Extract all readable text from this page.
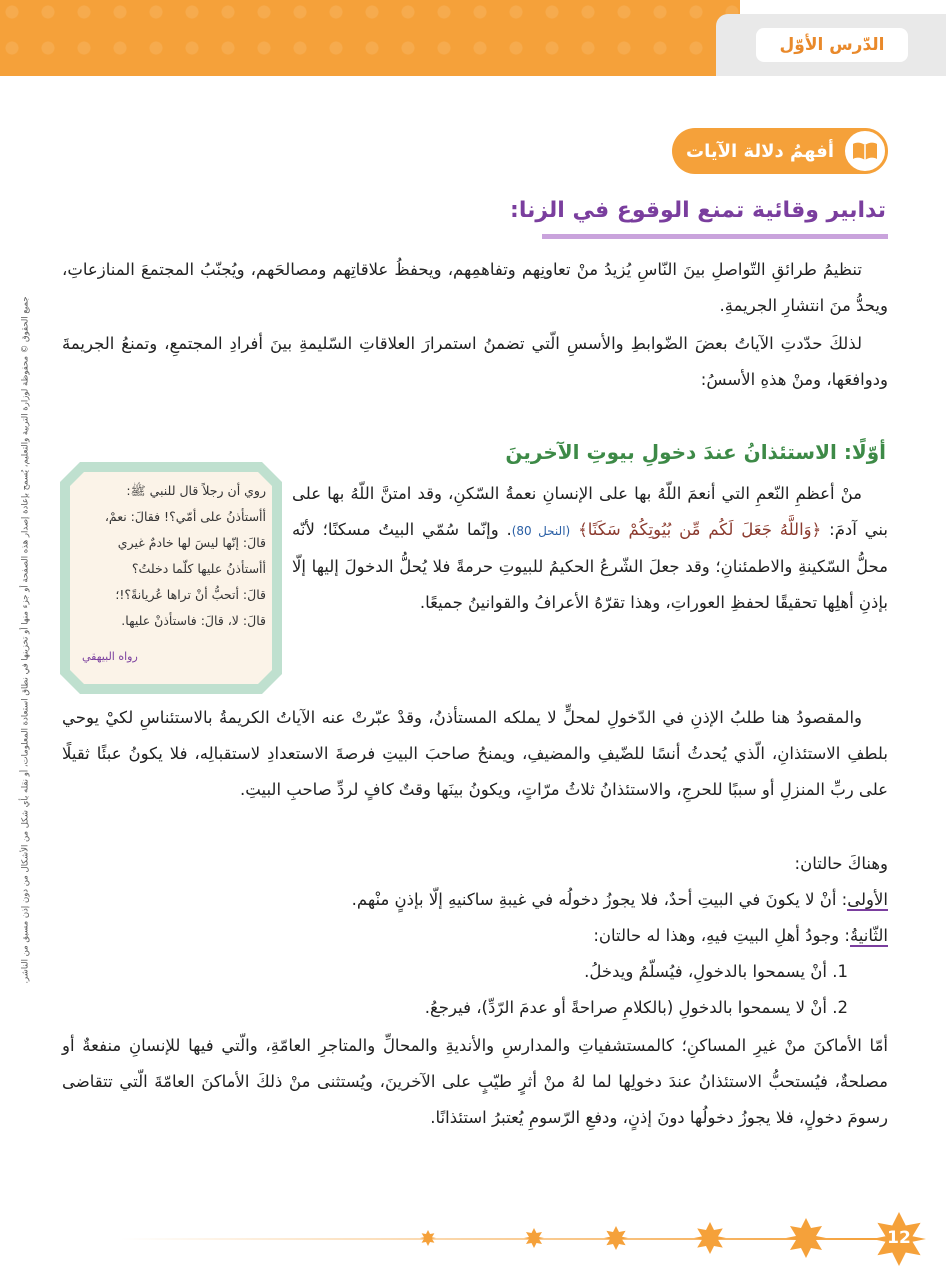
الدّرس الأوّل
جميع الحقوق © محفوظة لوزارة التربية والتعليم، يُسمح بإعادة إصدار هذه الصفحة أو جزء منها أو تخزينها في نطاق استعادة المعلومات، أو نقله بأي شكل من الأشكال من دون إذن مسبق من الناشر.
أفهمُ دلالة الآيات
تدابير وقائية تمنع الوقوع في الزنا:

تنظيمُ طرائقِ التّواصلِ بينَ النّاسِ يُزيدُ منْ تعاونِهم وتفاهمِهم، ويحفظُ علاقاتِهم ومصالحَهم، ويُجنّبُ المجتمعَ المنازعاتِ، ويحدُّ منَ انتشارِ الجريمةِ.

لذلكَ حدّدتِ الآياتُ بعضَ الضّوابطِ والأسسِ الّتي تضمنُ استمرارَ العلاقاتِ السّليمةِ بينَ أفرادِ المجتمعِ، وتمنعُ الجريمةَ ودوافعَها، ومنْ هذهِ الأسسُ:

أوّلًا: الاستئذانُ عندَ دخولِ بيوتِ الآخرينَ
روي أن رجلاً قال للنبي ﷺ:
أأستأذنُ على أمّي؟! فقالَ: نعمْ،
قالَ: إنّها ليسَ لها خادمٌ غيري
أأستأذنُ عليها كلّما دخلتُ؟
قالَ: أتحبُّ أنْ تراها عُريانةً؟!؛
قالَ: لا، قالَ: فاستأذنْ عليها.
رواه البيهقي

منْ أعظمِ النّعمِ التي أنعمَ اللّهُ بها على الإنسانِ نعمةُ السّكنِ، وقد امتنَّ اللّهُ بها على بني آدمَ: ﴿وَاللَّهُ جَعَلَ لَكُم مِّن بُيُوتِكُمْ سَكَنًا﴾ (النحل 80). وإنّما سُمّي البيتُ مسكنًا؛ لأنّه محلُّ السّكينةِ والاطمئنانِ؛ وقد جعلَ الشّرعُ الحكيمُ للبيوتِ حرمةً فلا يُحلُّ الدخولَ إليها إلّا بإذنِ أهلِها تحقيقًا لحفظِ العوراتِ، وهذا تقرّهُ الأعرافُ والقوانينُ جميعًا.

والمقصودُ هنا طلبُ الإذنِ في الدّخولِ لمحلٍّ لا يملكه المستأذنُ، وقدْ عبّرتْ عنه الآياتُ الكريمةُ بالاستئناسِ لكيْ يوحي بلطفِ الاستئذانِ، الّذي يُحدثُ أنسًا للضّيفِ والمضيفِ، ويمنحُ صاحبَ البيتِ فرصةَ الاستعدادِ لاستقبالِه، فلا يكونُ عبئًا ثقيلًا على ربِّ المنزلِ أو سببًا للحرجِ، والاستئذانُ ثلاثُ مرّاتٍ، ويكونُ بينَها وقتٌ كافٍ لردِّ صاحبِ البيتِ.

وهناكَ حالتان:
الأولى: أنْ لا يكونَ في البيتِ أحدٌ، فلا يجوزُ دخولُه في غيبةِ ساكنيهِ إلّا بإذنٍ منْهم.
الثّانيةُ: وجودُ أهلِ البيتِ فيهِ، وهذا له حالتان:
1. أنْ يسمحوا بالدخولِ، فيُسلّمُ ويدخلُ.
2. أنْ لا يسمحوا بالدخولِ (بالكلامِ صراحةً أو عدمَ الرّدِّ)، فيرجعُ.

أمّا الأماكنَ منْ غيرِ المساكنِ؛ كالمستشفياتِ والمدارسِ والأنديةِ والمحالِّ والمتاجرِ العامّةِ، والّتي فيها للإنسانِ منفعةٌ أو مصلحةٌ، فيُستحبُّ الاستئذانُ عندَ دخولِها لما لهُ منْ أثرٍ طيّبٍ على الآخرينَ، ويُستثنى منْ ذلكَ الأماكنَ العامّةَ الّتي تتقاضى رسومَ دخولٍ، فلا يجوزُ دخولُها دونَ إذنٍ، ودفعِ الرّسومِ يُعتبرُ استئذانًا.

12
